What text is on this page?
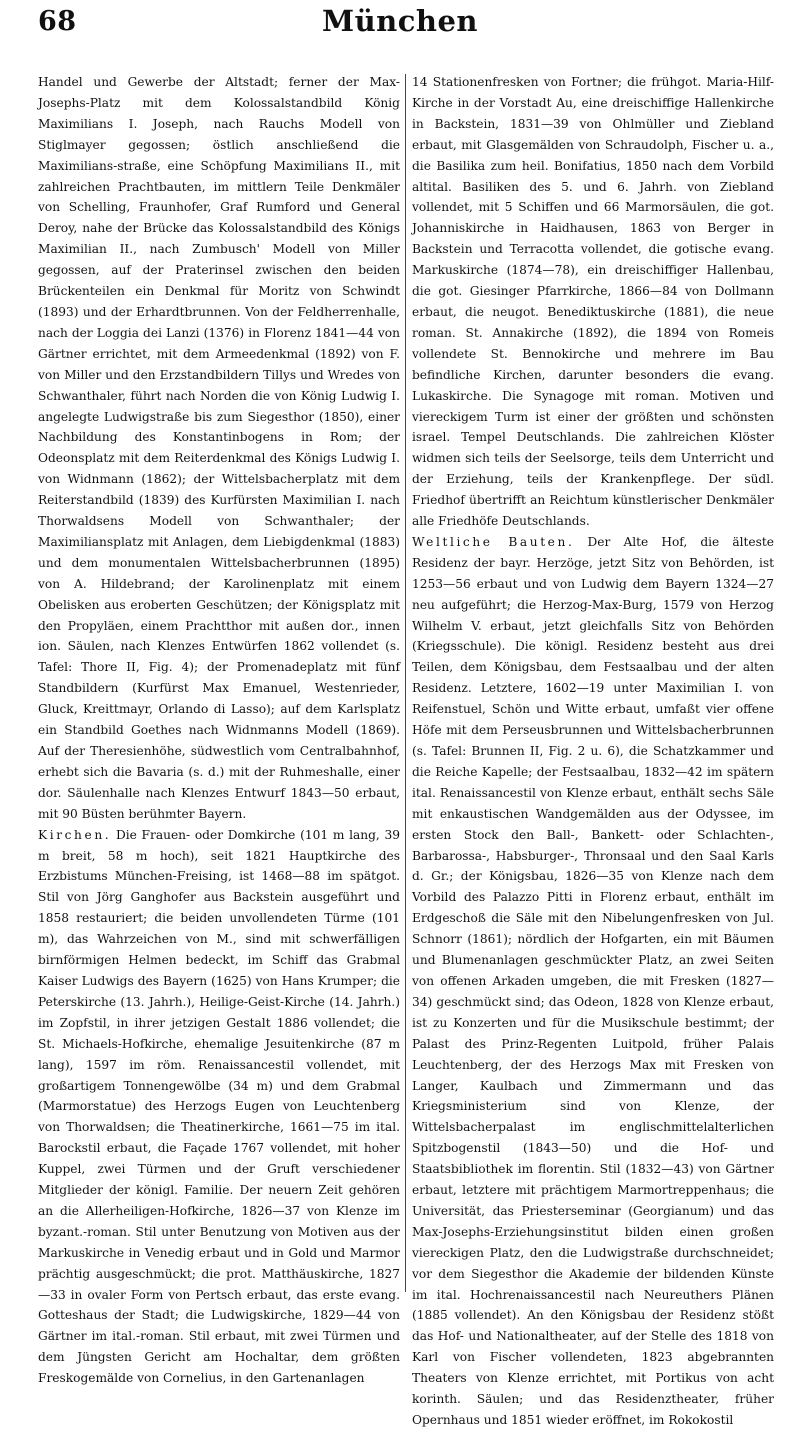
68	München

Handel und Gewerbe der Altstadt; ferner der Max-Josephs-Platz mit dem Kolossalstandbild König Maximilians I. Joseph, nach Rauchs Modell von Stiglmayer gegossen; östlich anschließend die Maximilians-straße, eine Schöpfung Maximilians II., mit zahlreichen Prachtbauten, im mittlern Teile Denkmäler von Schelling, Fraunhofer, Graf Rumford und General Deroy, nahe der Brücke das Kolossalstandbild des Königs Maximilian II., nach Zumbusch' Modell von Miller gegossen, auf der Praterinsel zwischen den beiden Brückenteilen ein Denkmal für Moritz von Schwindt (1893) und der Erhardtbrunnen. Von der Feldherrenhalle, nach der Loggia dei Lanzi (1376) in Florenz 1841—44 von Gärtner errichtet, mit dem Armeedenkmal (1892) von F. von Miller und den Erzstandbildern Tillys und Wredes von Schwanthaler, führt nach Norden die von König Ludwig I. angelegte Ludwigstraße bis zum Siegesthor (1850), einer Nachbildung des Konstantinbogens in Rom; der Odeonsplatz mit dem Reiterdenkmal des Königs Ludwig I. von Widnmann (1862); der Wittelsbacherplatz mit dem Reiterstandbild (1839) des Kurfürsten Maximilian I. nach Thorwaldsens Modell von Schwanthaler; der Maximiliansplatz mit Anlagen, dem Liebigdenkmal (1883) und dem monumentalen Wittelsbacherbrunnen (1895) von A. Hildebrand; der Karolinenplatz mit einem Obelisken aus eroberten Geschützen; der Königsplatz mit den Propyläen, einem Prachtthor mit außen dor., innen ion. Säulen, nach Klenzes Entwürfen 1862 vollendet (s. Tafel: Thore II, Fig. 4); der Promenadeplatz mit fünf Standbildern (Kurfürst Max Emanuel, Westenrieder, Gluck, Kreittmayr, Orlando di Lasso); auf dem Karlsplatz ein Standbild Goethes nach Widnmanns Modell (1869). Auf der Theresienhöhe, südwestlich vom Centralbahnhof, erhebt sich die Bavaria (s. d.) mit der Ruhmeshalle, einer dor. Säulenhalle nach Klenzes Entwurf 1843—50 erbaut, mit 90 Büsten berühmter Bayern.

Kirchen. Die Frauen- oder Domkirche (101 m lang, 39 m breit, 58 m hoch), seit 1821 Hauptkirche des Erzbistums München-Freising, ist 1468—88 im spätgot. Stil von Jörg Ganghofer aus Backstein ausgeführt und 1858 restauriert; die beiden unvollendeten Türme (101 m), das Wahrzeichen von M., sind mit schwerfälligen birnförmigen Helmen bedeckt, im Schiff das Grabmal Kaiser Ludwigs des Bayern (1625) von Hans Krumper; die Peterskirche (13. Jahrh.), Heilige-Geist-Kirche (14. Jahrh.) im Zopfstil, in ihrer jetzigen Gestalt 1886 vollendet; die St. Michaels-Hofkirche, ehemalige Jesuitenkirche (87 m lang), 1597 im röm. Renaissancestil vollendet, mit großartigem Tonnengewölbe (34 m) und dem Grabmal (Marmorstatue) des Herzogs Eugen von Leuchtenberg von Thorwaldsen; die Theatinerkirche, 1661—75 im ital. Barockstil erbaut, die Façade 1767 vollendet, mit hoher Kuppel, zwei Türmen und der Gruft verschiedener Mitglieder der königl. Familie. Der neuern Zeit gehören an die Allerheiligen-Hofkirche, 1826—37 von Klenze im byzant.-roman. Stil unter Benutzung von Motiven aus der Markuskirche in Venedig erbaut und in Gold und Marmor prächtig ausgeschmückt; die prot. Matthäuskirche, 1827—33 in ovaler Form von Pertsch erbaut, das erste evang. Gotteshaus der Stadt; die Ludwigskirche, 1829—44 von Gärtner im ital.-roman. Stil erbaut, mit zwei Türmen und dem Jüngsten Gericht am Hochaltar, dem größten Freskogemälde von Cornelius, in den Gartenanlagen

14 Stationenfresken von Fortner; die frühgot. Maria-Hilf-Kirche in der Vorstadt Au, eine dreischiffige Hallenkirche in Backstein, 1831—39 von Ohlmüller und Ziebland erbaut, mit Glasgemälden von Schraudolph, Fischer u. a., die Basilika zum heil. Bonifatius, 1850 nach dem Vorbild altital. Basiliken des 5. und 6. Jahrh. von Ziebland vollendet, mit 5 Schiffen und 66 Marmorsäulen, die got. Johanniskirche in Haidhausen, 1863 von Berger in Backstein und Terracotta vollendet, die gotische evang. Markuskirche (1874—78), ein dreischiffiger Hallenbau, die got. Giesinger Pfarrkirche, 1866—84 von Dollmann erbaut, die neugot. Benediktuskirche (1881), die neue roman. St. Annakirche (1892), die 1894 von Romeis vollendete St. Bennokirche und mehrere im Bau befindliche Kirchen, darunter besonders die evang. Lukaskirche. Die Synagoge mit roman. Motiven und viereckigem Turm ist einer der größten und schönsten israel. Tempel Deutschlands. Die zahlreichen Klöster widmen sich teils der Seelsorge, teils dem Unterricht und der Erziehung, teils der Krankenpflege. Der südl. Friedhof übertrifft an Reichtum künstlerischer Denkmäler alle Friedhöfe Deutschlands.

Weltliche Bauten. Der Alte Hof, die älteste Residenz der bayr. Herzöge, jetzt Sitz von Behörden, ist 1253—56 erbaut und von Ludwig dem Bayern 1324—27 neu aufgeführt; die Herzog-Max-Burg, 1579 von Herzog Wilhelm V. erbaut, jetzt gleichfalls Sitz von Behörden (Kriegsschule). Die königl. Residenz besteht aus drei Teilen, dem Königsbau, dem Festsaalbau und der alten Residenz. Letztere, 1602—19 unter Maximilian I. von Reifenstuel, Schön und Witte erbaut, umfaßt vier offene Höfe mit dem Perseusbrunnen und Wittelsbacherbrunnen (s. Tafel: Brunnen II, Fig. 2 u. 6), die Schatzkammer und die Reiche Kapelle; der Festsaalbau, 1832—42 im spätern ital. Renaissancestil von Klenze erbaut, enthält sechs Säle mit enkaustischen Wandgemälden aus der Odyssee, im ersten Stock den Ball-, Bankett- oder Schlachten-, Barbarossa-, Habsburger-, Thronsaal und den Saal Karls d. Gr.; der Königsbau, 1826—35 von Klenze nach dem Vorbild des Palazzo Pitti in Florenz erbaut, enthält im Erdgeschoß die Säle mit den Nibelungenfresken von Jul. Schnorr (1861); nördlich der Hofgarten, ein mit Bäumen und Blumenanlagen geschmückter Platz, an zwei Seiten von offenen Arkaden umgeben, die mit Fresken (1827—34) geschmückt sind; das Odeon, 1828 von Klenze erbaut, ist zu Konzerten und für die Musikschule bestimmt; der Palast des Prinz-Regenten Luitpold, früher Palais Leuchtenberg, der des Herzogs Max mit Fresken von Langer, Kaulbach und Zimmermann und das Kriegsministerium sind von Klenze, der Wittelsbacherpalast im englischmittelalterlichen Spitzbogenstil (1843—50) und die Hof- und Staatsbibliothek im florentin. Stil (1832—43) von Gärtner erbaut, letztere mit prächtigem Marmortreppenhaus; die Universität, das Priesterseminar (Georgianum) und das Max-Josephs-Erziehungsinstitut bilden einen großen viereckigen Platz, den die Ludwigstraße durchschneidet; vor dem Siegesthor die Akademie der bildenden Künste im ital. Hochrenaissancestil nach Neureuthers Plänen (1885 vollendet). An den Königsbau der Residenz stößt das Hof- und Nationaltheater, auf der Stelle des 1818 von Karl von Fischer vollendeten, 1823 abgebrannten Theaters von Klenze errichtet, mit Portikus von acht korinth. Säulen; und das Residenztheater, früher Opernhaus und 1851 wieder eröffnet, im Rokokostil
